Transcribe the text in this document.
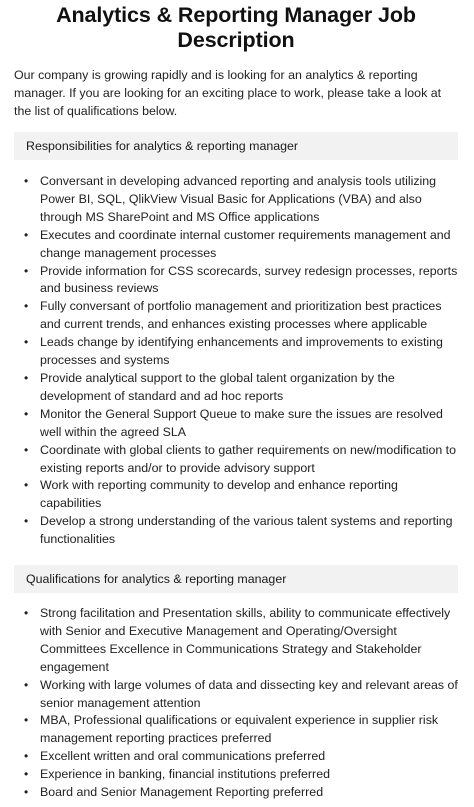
Analytics & Reporting Manager Job Description

Our company is growing rapidly and is looking for an analytics & reporting manager. If you are looking for an exciting place to work, please take a look at the list of qualifications below.

Responsibilities for analytics & reporting manager
• Conversant in developing advanced reporting and analysis tools utilizing Power BI, SQL, QlikView Visual Basic for Applications (VBA) and also through MS SharePoint and MS Office applications
• Executes and coordinate internal customer requirements management and change management processes
• Provide information for CSS scorecards, survey redesign processes, reports and business reviews
• Fully conversant of portfolio management and prioritization best practices and current trends, and enhances existing processes where applicable
• Leads change by identifying enhancements and improvements to existing processes and systems
• Provide analytical support to the global talent organization by the development of standard and ad hoc reports
• Monitor the General Support Queue to make sure the issues are resolved well within the agreed SLA
• Coordinate with global clients to gather requirements on new/modification to existing reports and/or to provide advisory support
• Work with reporting community to develop and enhance reporting capabilities
• Develop a strong understanding of the various talent systems and reporting functionalities
Qualifications for analytics & reporting manager
• Strong facilitation and Presentation skills, ability to communicate effectively with Senior and Executive Management and Operating/Oversight Committees Excellence in Communications Strategy and Stakeholder engagement
• Working with large volumes of data and dissecting key and relevant areas of senior management attention
• MBA, Professional qualifications or equivalent experience in supplier risk management reporting practices preferred
• Excellent written and oral communications preferred
• Experience in banking, financial institutions preferred
• Board and Senior Management Reporting preferred
